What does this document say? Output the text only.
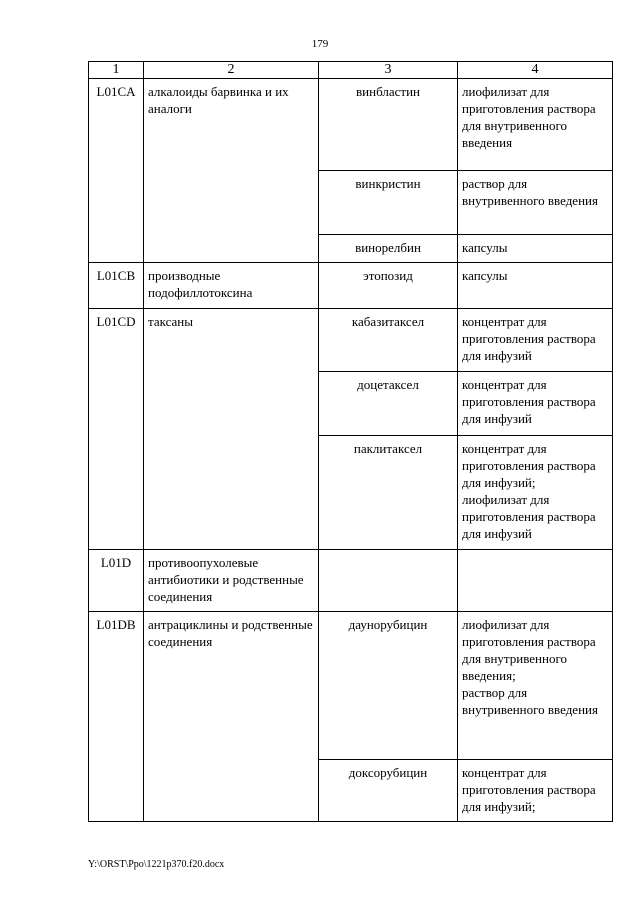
179
1	2	3	4
L01CA	алкалоиды барвинка и их аналоги	винбластин	лиофилизат для приготовления раствора для внутривенного введения
		винкристин	раствор для внутривенного введения
		винорелбин	капсулы
L01CB	производные подофиллотоксина	этопозид	капсулы
L01CD	таксаны	кабазитаксел	концентрат для приготовления раствора для инфузий
		доцетаксел	концентрат для приготовления раствора для инфузий
		паклитаксел	концентрат для приготовления раствора для инфузий;
лиофилизат для приготовления раствора для инфузий

L01D	противоопухолевые антибиотики и родственные соединения		
L01DB	антрациклины и родственные соединения	даунорубицин	лиофилизат для приготовления раствора для внутривенного введения;
раствор для внутривенного введения

		доксорубицин	концентрат для приготовления раствора для инфузий;
Y:\ORST\Ppo\1221p370.f20.docx
